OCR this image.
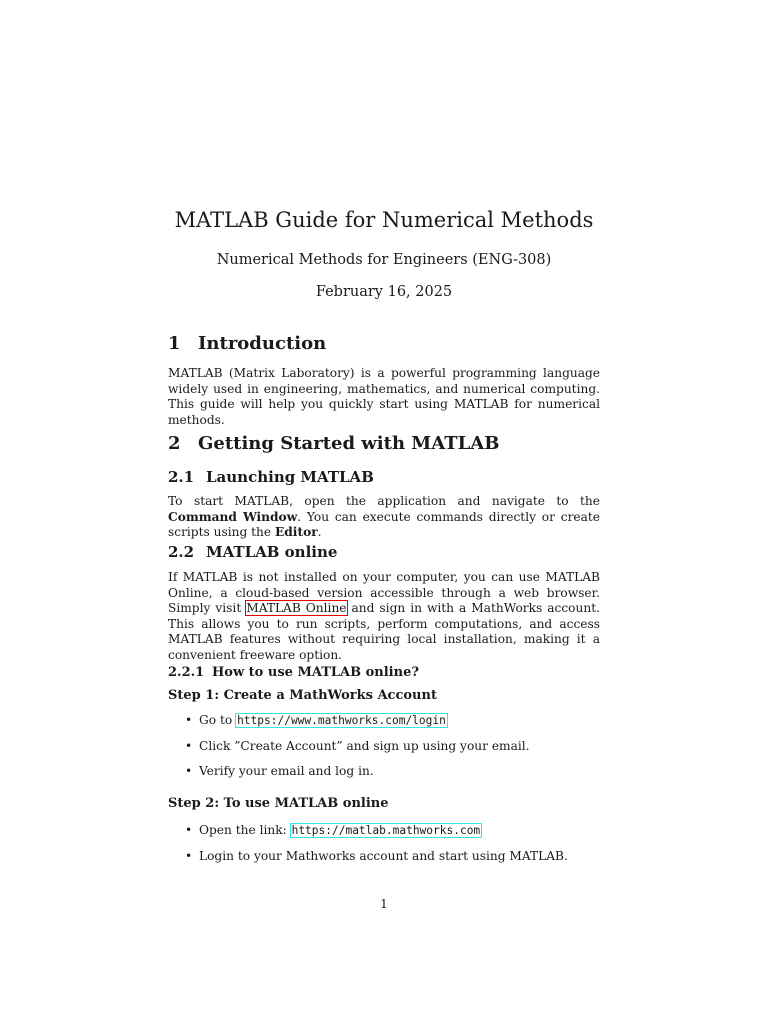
MATLAB Guide for Numerical Methods
Numerical Methods for Engineers (ENG-308)
February 16, 2025
1 Introduction

MATLAB (Matrix Laboratory) is a powerful programming language widely used in engineering, mathematics, and numerical computing. This guide will help you quickly start using MATLAB for numerical methods.

2 Getting Started with MATLAB
2.1 Launching MATLAB

To start MATLAB, open the application and navigate to the Command Window. You can execute commands directly or create scripts using the Editor.

2.2 MATLAB online

If MATLAB is not installed on your computer, you can use MATLAB Online, a cloud-based version accessible through a web browser. Simply visit MATLAB Online and sign in with a MathWorks account. This allows you to run scripts, perform computations, and access MATLAB features without requiring local installation, making it a convenient freeware option.

2.2.1 How to use MATLAB online?
Step 1: Create a MathWorks Account
• Go to https://www.mathworks.com/login
• Click ”Create Account” and sign up using your email.
• Verify your email and log in.
Step 2: To use MATLAB online
• Open the link: https://matlab.mathworks.com
• Login to your Mathworks account and start using MATLAB.
1
